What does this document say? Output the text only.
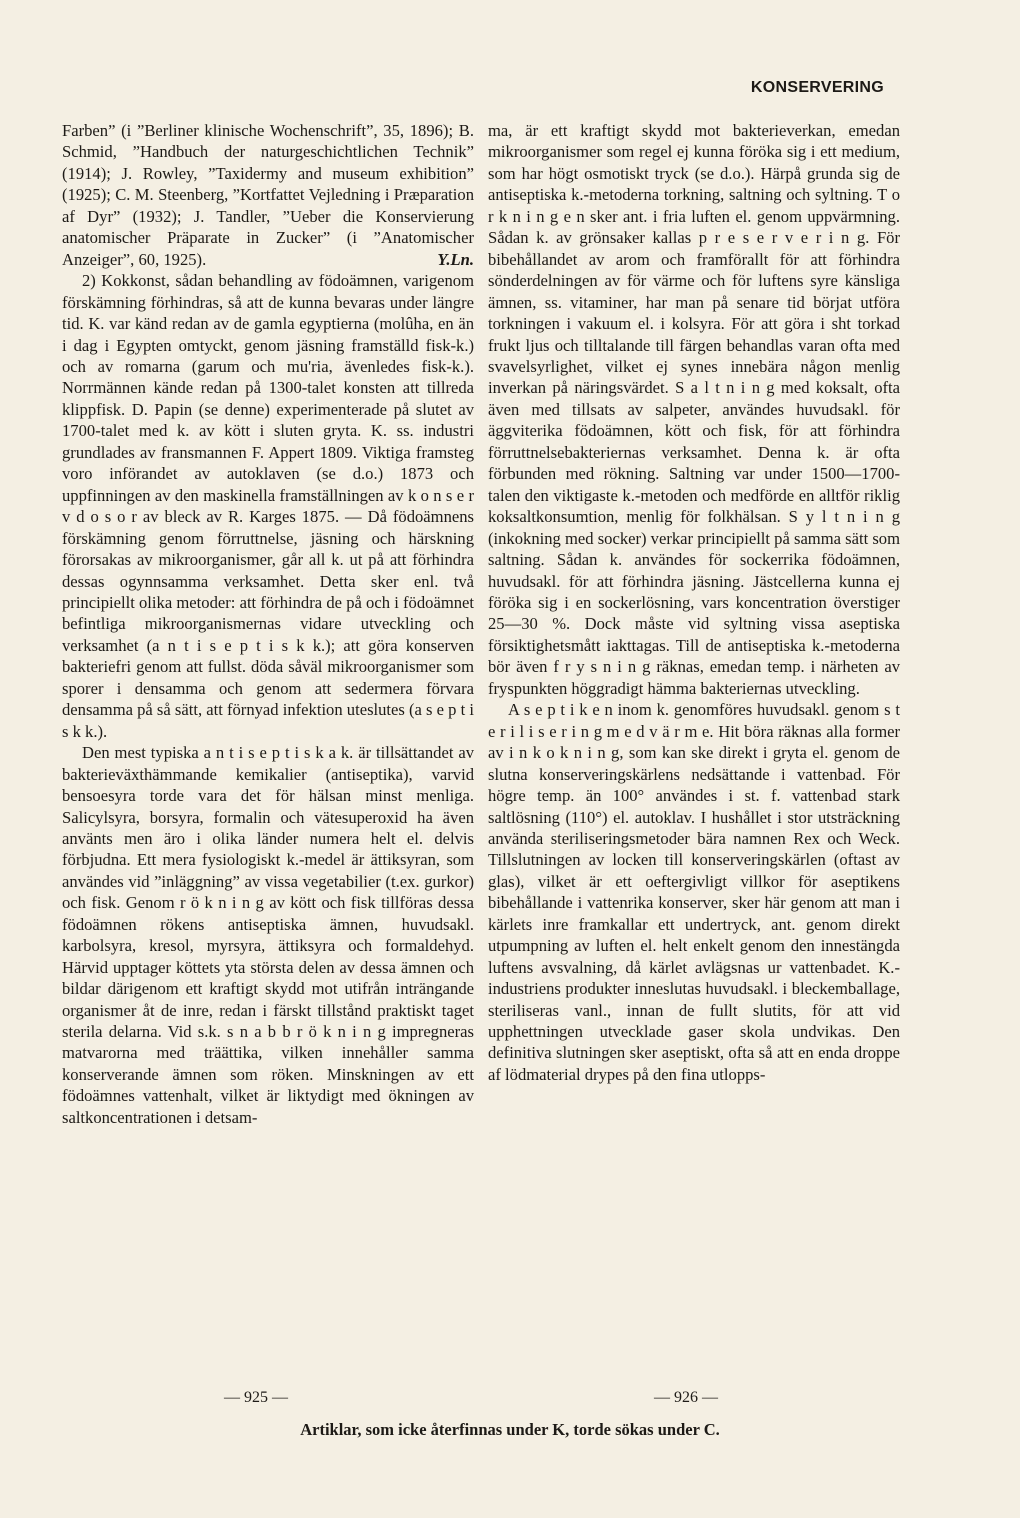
KONSERVERING

Farben” (i ”Berliner klinische Wochenschrift”, 35, 1896); B. Schmid, ”Handbuch der naturgeschichtlichen Technik” (1914); J. Rowley, ”Taxidermy and museum exhibition” (1925); C. M. Steenberg, ”Kortfattet Vejledning i Præparation af Dyr” (1932); J. Tandler, ”Ueber die Konservierung anatomischer Präparate in Zucker” (i ”Anatomischer Anzeiger”, 60, 1925).	Y.Ln.

2) Kokkonst, sådan behandling av födoämnen, varigenom förskämning förhindras, så att de kunna bevaras under längre tid. K. var känd redan av de gamla egyptierna (molûha, en än i dag i Egypten omtyckt, genom jäsning framställd fisk-k.) och av romarna (garum och mu'ria, ävenledes fisk-k.). Norrmännen kände redan på 1300-talet konsten att tillreda klippfisk. D. Papin (se denne) experimenterade på slutet av 1700-talet med k. av kött i sluten gryta. K. ss. industri grundlades av fransmannen F. Appert 1809. Viktiga framsteg voro införandet av autoklaven (se d.o.) 1873 och uppfinningen av den maskinella framställningen av k o n s e r v d o s o r av bleck av R. Karges 1875. — Då födoämnens förskämning genom förruttnelse, jäsning och härskning förorsakas av mikroorganismer, går all k. ut på att förhindra dessas ogynnsamma verksamhet. Detta sker enl. två principiellt olika metoder: att förhindra de på och i födoämnet befintliga mikroorganismernas vidare utveckling och verksamhet (a n t i s e p t i s k k.); att göra konserven bakteriefri genom att fullst. döda såväl mikroorganismer som sporer i densamma och genom att sedermera förvara densamma på så sätt, att förnyad infektion uteslutes (a s e p t i s k k.).

Den mest typiska a n t i s e p t i s k a k. är tillsättandet av bakterieväxthämmande kemikalier (antiseptika), varvid bensoesyra torde vara det för hälsan minst menliga. Salicylsyra, borsyra, formalin och vätesuperoxid ha även använts men äro i olika länder numera helt el. delvis förbjudna. Ett mera fysiologiskt k.-medel är ättiksyran, som användes vid ”inläggning” av vissa vegetabilier (t.ex. gurkor) och fisk. Genom r ö k n i n g av kött och fisk tillföras dessa födoämnen rökens antiseptiska ämnen, huvudsakl. karbolsyra, kresol, myrsyra, ättiksyra och formaldehyd. Härvid upptager köttets yta största delen av dessa ämnen och bildar därigenom ett kraftigt skydd mot utifrån inträngande organismer åt de inre, redan i färskt tillstånd praktiskt taget sterila delarna. Vid s.k. s n a b b r ö k n i n g impregneras matvarorna med träättika, vilken innehåller samma konserverande ämnen som röken. Minskningen av ett födoämnes vattenhalt, vilket är liktydigt med ökningen av saltkoncentrationen i detsam-

ma, är ett kraftigt skydd mot bakterieverkan, emedan mikroorganismer som regel ej kunna föröka sig i ett medium, som har högt osmotiskt tryck (se d.o.). Härpå grunda sig de antiseptiska k.-metoderna torkning, saltning och syltning. T o r k n i n g e n sker ant. i fria luften el. genom uppvärmning. Sådan k. av grönsaker kallas p r e s e r v e r i n g. För bibehållandet av arom och framförallt för att förhindra sönderdelningen av för värme och för luftens syre känsliga ämnen, ss. vitaminer, har man på senare tid börjat utföra torkningen i vakuum el. i kolsyra. För att göra i sht torkad frukt ljus och tilltalande till färgen behandlas varan ofta med svavelsyrlighet, vilket ej synes innebära någon menlig inverkan på näringsvärdet. S a l t n i n g med koksalt, ofta även med tillsats av salpeter, användes huvudsakl. för äggviterika födoämnen, kött och fisk, för att förhindra förruttnelsebakteriernas verksamhet. Denna k. är ofta förbunden med rökning. Saltning var under 1500—1700-talen den viktigaste k.-metoden och medförde en alltför riklig koksaltkonsumtion, menlig för folkhälsan. S y l t n i n g (inkokning med socker) verkar principiellt på samma sätt som saltning. Sådan k. användes för sockerrika födoämnen, huvudsakl. för att förhindra jäsning. Jästcellerna kunna ej föröka sig i en sockerlösning, vars koncentration överstiger 25—30 %. Dock måste vid syltning vissa aseptiska försiktighetsmått iakttagas. Till de antiseptiska k.-metoderna bör även f r y s n i n g räknas, emedan temp. i närheten av fryspunkten höggradigt hämma bakteriernas utveckling.

A s e p t i k e n inom k. genomföres huvudsakl. genom s t e r i l i s e r i n g m e d v ä r m e. Hit böra räknas alla former av i n k o k n i n g, som kan ske direkt i gryta el. genom de slutna konserveringskärlens nedsättande i vattenbad. För högre temp. än 100° användes i st. f. vattenbad stark saltlösning (110°) el. autoklav. I hushållet i stor utsträckning använda steriliseringsmetoder bära namnen Rex och Weck. Tillslutningen av locken till konserveringskärlen (oftast av glas), vilket är ett oeftergivligt villkor för aseptikens bibehållande i vattenrika konserver, sker här genom att man i kärlets inre framkallar ett undertryck, ant. genom direkt utpumpning av luften el. helt enkelt genom den innestängda luftens avsvalning, då kärlet avlägsnas ur vattenbadet. K.-industriens produkter inneslutas huvudsakl. i bleckemballage, steriliseras vanl., innan de fullt slutits, för att vid upphettningen utvecklade gaser skola undvikas. Den definitiva slutningen sker aseptiskt, ofta så att en enda droppe af lödmaterial drypes på den fina utlopps-

— 925 —	— 926 —
Artiklar, som icke återfinnas under K, torde sökas under C.
